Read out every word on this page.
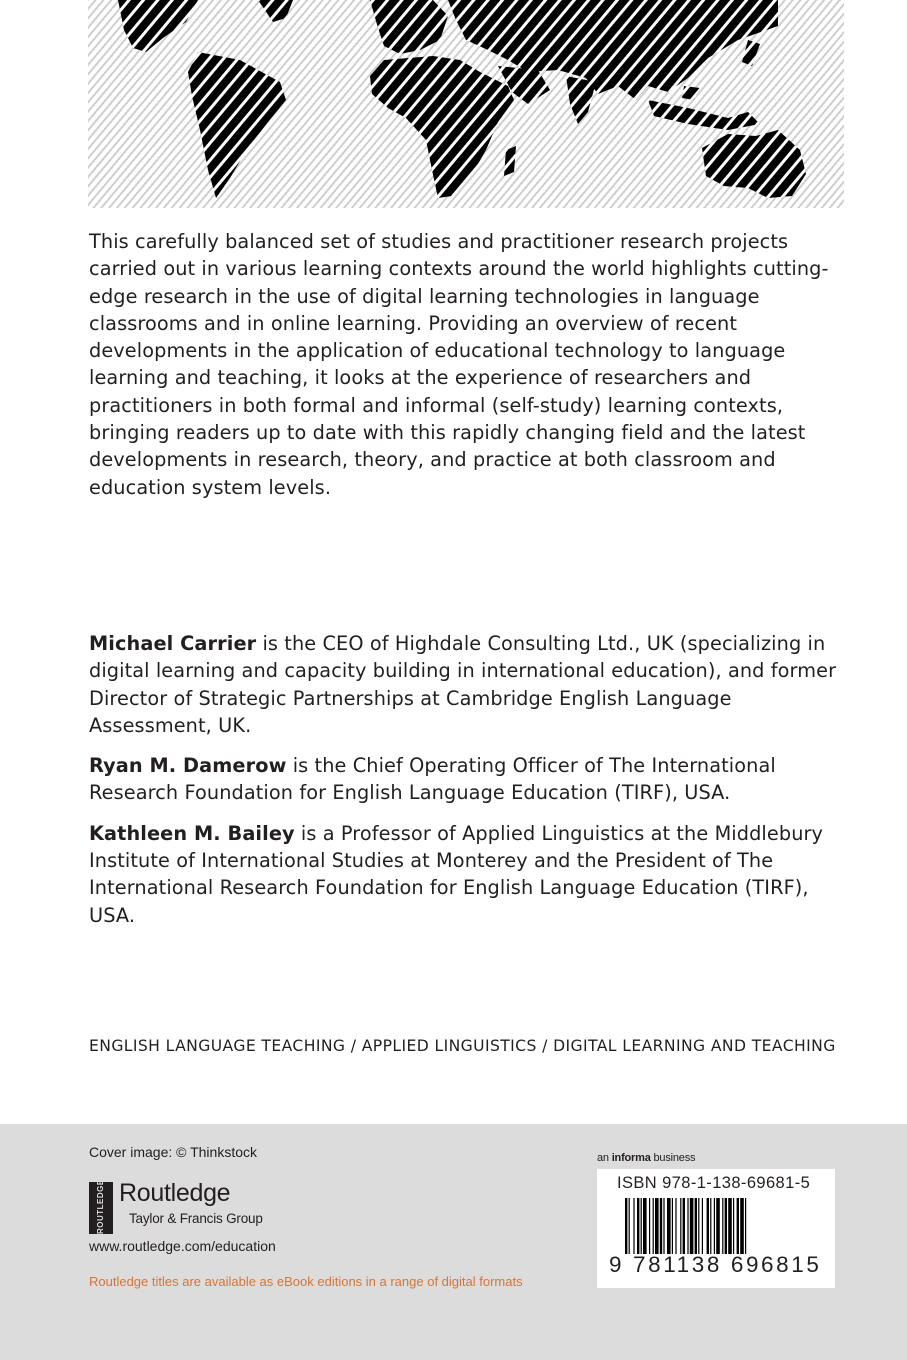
This carefully balanced set of studies and practitioner research projects carried out in various learning contexts around the world highlights cutting-edge research in the use of digital learning technologies in language classrooms and in online learning. Providing an overview of recent developments in the application of educational technology to language learning and teaching, it looks at the experience of researchers and practitioners in both formal and informal (self-study) learning contexts, bringing readers up to date with this rapidly changing field and the latest developments in research, theory, and practice at both classroom and education system levels.

Michael Carrier is the CEO of Highdale Consulting Ltd., UK (specializing in digital learning and capacity building in international education), and former Director of Strategic Partnerships at Cambridge English Language Assessment, UK.

Ryan M. Damerow is the Chief Operating Officer of The International Research Foundation for English Language Education (TIRF), USA.

Kathleen M. Bailey is a Professor of Applied Linguistics at the Middlebury Institute of International Studies at Monterey and the President of The International Research Foundation for English Language Education (TIRF), USA.

ENGLISH LANGUAGE TEACHING / APPLIED LINGUISTICS / DIGITAL LEARNING AND TEACHING

Cover image: © Thinkstock

ROUTLEDGE Routledge

Taylor & Francis Group

www.routledge.com/education

Routledge titles are available as eBook editions in a range of digital formats

an informa business

ISBN 978-1-138-69681-5

9 781138 696815
